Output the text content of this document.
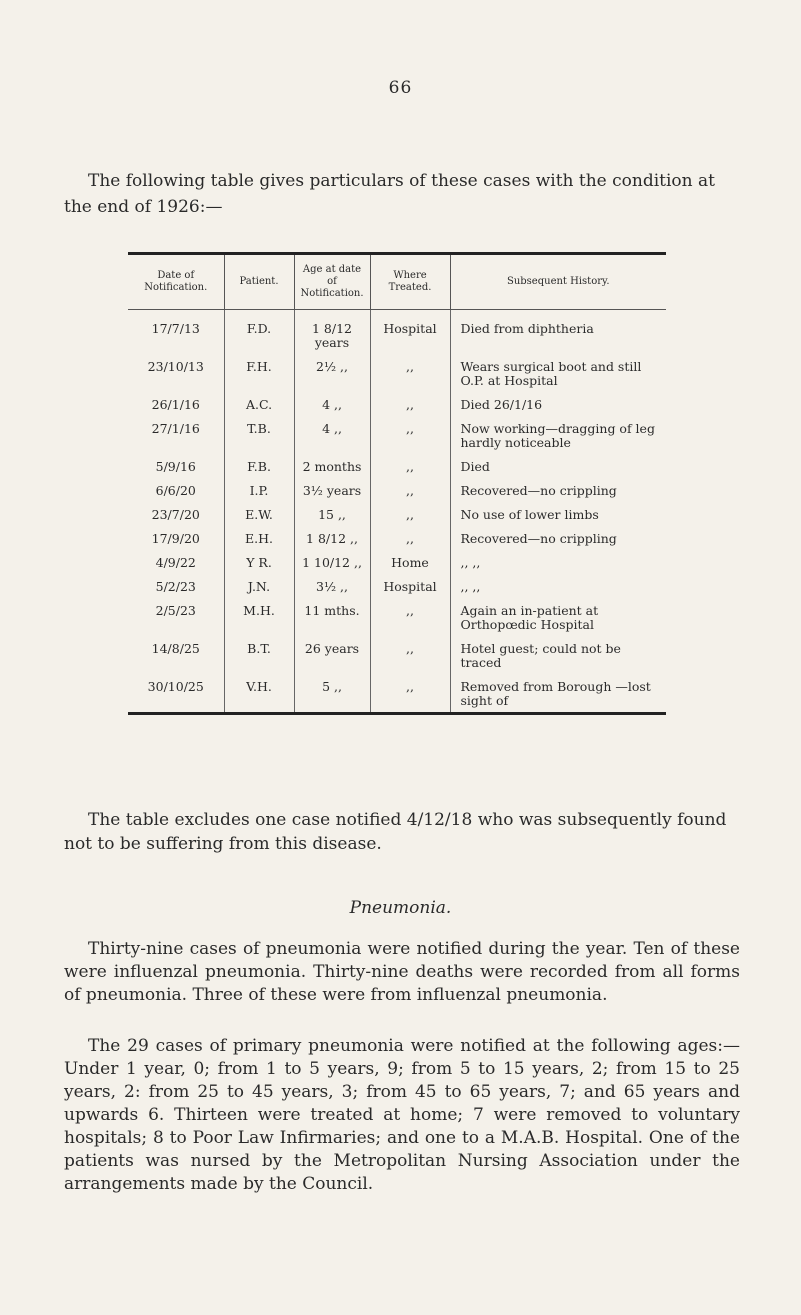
66
The following table gives particulars of these cases with the condition at the end of 1926:—
Date of Notification.	Patient.	Age at date of Notification.	Where Treated.	Subsequent History.
17/7/13	F.D.	1 8/12 years	Hospital	Died from diphtheria
23/10/13	F.H.	2½ ,,	,,	Wears surgical boot and still O.P. at Hospital
26/1/16	A.C.	4 ,,	,,	Died 26/1/16
27/1/16	T.B.	4 ,,	,,	Now working—dragging of leg hardly noticeable
5/9/16	F.B.	2 months	,,	Died
6/6/20	I.P.	3½ years	,,	Recovered—no crippling
23/7/20	E.W.	15 ,,	,,	No use of lower limbs
17/9/20	E.H.	1 8/12 ,,	,,	Recovered—no crippling
4/9/22	Y R.	1 10/12 ,,	Home	,, ,,
5/2/23	J.N.	3½ ,,	Hospital	,, ,,
2/5/23	M.H.	11 mths.	,,	Again an in-patient at Orthopœdic Hospital
14/8/25	B.T.	26 years	,,	Hotel guest; could not be traced
30/10/25	V.H.	5 ,,	,,	Removed from Borough —lost sight of
The table excludes one case notified 4/12/18 who was subsequently found not to be suffering from this disease.
Pneumonia.
Thirty-nine cases of pneumonia were notified during the year. Ten of these were influenzal pneumonia. Thirty-nine deaths were recorded from all forms of pneumonia. Three of these were from influenzal pneumonia.
The 29 cases of primary pneumonia were notified at the following ages:— Under 1 year, 0; from 1 to 5 years, 9; from 5 to 15 years, 2; from 15 to 25 years, 2: from 25 to 45 years, 3; from 45 to 65 years, 7; and 65 years and upwards 6. Thirteen were treated at home; 7 were removed to voluntary hospitals; 8 to Poor Law Infirmaries; and one to a M.A.B. Hospital. One of the patients was nursed by the Metropolitan Nursing Association under the arrangements made by the Council.
